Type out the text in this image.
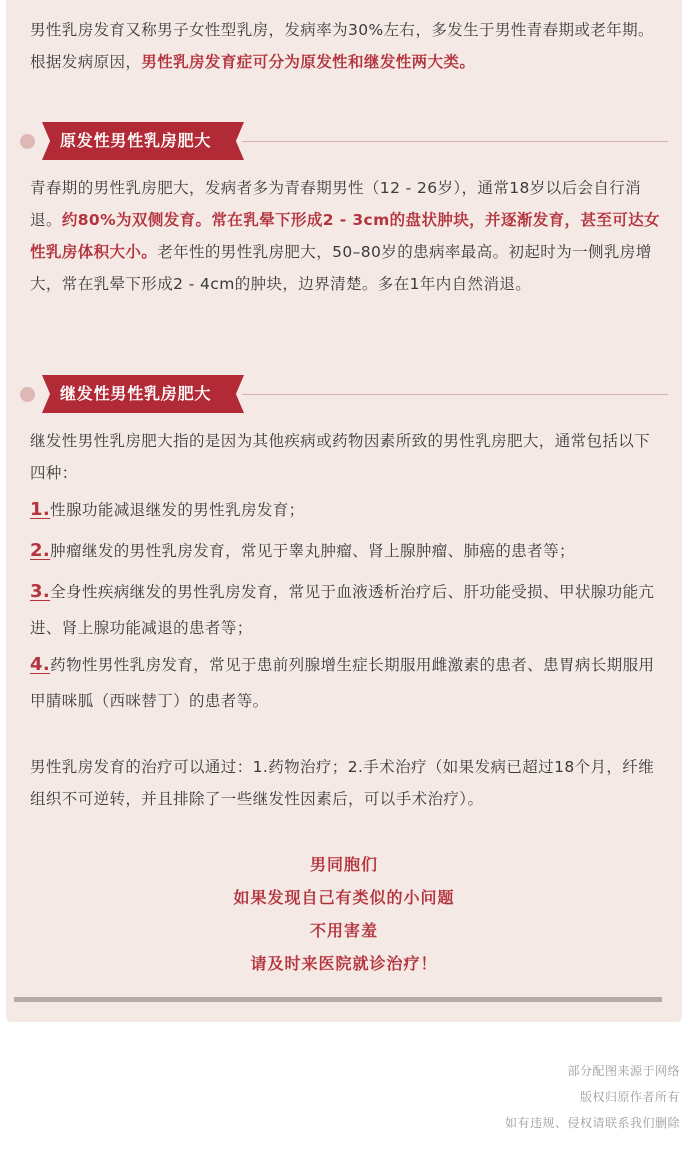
男性乳房发育又称男子女性型乳房，发病率为30%左右，多发生于男性青春期或老年期。根据发病原因，男性乳房发育症可分为原发性和继发性两大类。

原发性男性乳房肥大

青春期的男性乳房肥大，发病者多为青春期男性（12 - 26岁），通常18岁以后会自行消退。约80%为双侧发育。常在乳晕下形成2 - 3cm的盘状肿块，并逐渐发育，甚至可达女性乳房体积大小。老年性的男性乳房肥大，50–80岁的患病率最高。初起时为一侧乳房增大，常在乳晕下形成2 - 4cm的肿块，边界清楚。多在1年内自然消退。

继发性男性乳房肥大

继发性男性乳房肥大指的是因为其他疾病或药物因素所致的男性乳房肥大，通常包括以下四种：

1.性腺功能减退继发的男性乳房发育；
2.肿瘤继发的男性乳房发育，常见于睾丸肿瘤、肾上腺肿瘤、肺癌的患者等；
3.全身性疾病继发的男性乳房发育，常见于血液透析治疗后、肝功能受损、甲状腺功能亢进、肾上腺功能减退的患者等；
4.药物性男性乳房发育，常见于患前列腺增生症长期服用雌激素的患者、患胃病长期服用甲腈咪胍（西咪替丁）的患者等。

男性乳房发育的治疗可以通过：1.药物治疗；2.手术治疗（如果发病已超过18个月，纤维组织不可逆转，并且排除了一些继发性因素后，可以手术治疗）。

男同胞们
如果发现自己有类似的小问题
不用害羞
请及时来医院就诊治疗！
部分配图来源于网络
版权归原作者所有
如有违规、侵权请联系我们删除
